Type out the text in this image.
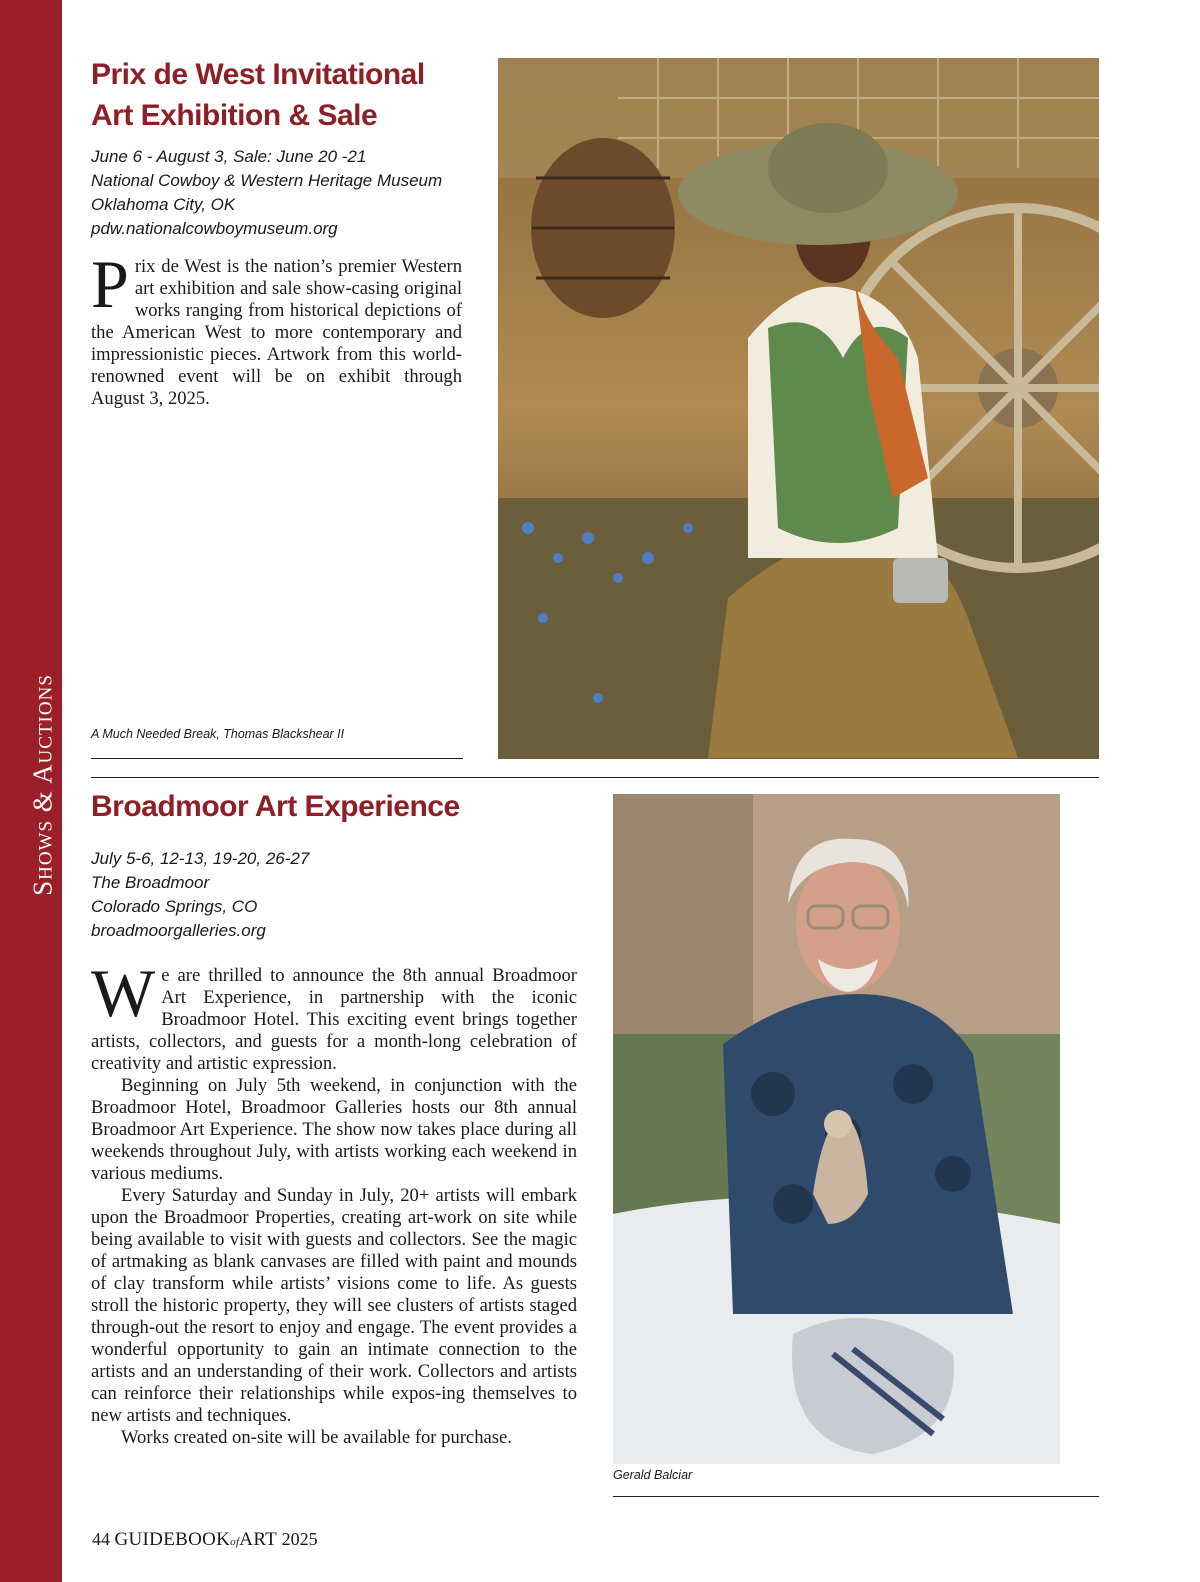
Shows & Auctions
Prix de West Invitational
Art Exhibition & Sale
June 6 - August 3, Sale: June 20 -21
National Cowboy & Western Heritage Museum
Oklahoma City, OK
pdw.nationalcowboymuseum.org

P rix de West is the nation’s premier Western art exhibition and sale show-casing original works ranging from historical depictions of the American West to more contemporary and impressionistic pieces. Artwork from this world-renowned event will be on exhibit through August 3, 2025.

A Much Needed Break, Thomas Blackshear II
Broadmoor Art Experience
July 5-6, 12-13, 19-20, 26-27
The Broadmoor
Colorado Springs, CO
broadmoorgalleries.org

W e are thrilled to announce the 8th annual Broadmoor Art Experience, in partnership with the iconic Broadmoor Hotel. This exciting event brings together artists, collectors, and guests for a month-long celebration of creativity and artistic expression.

Beginning on July 5th weekend, in conjunction with the Broadmoor Hotel, Broadmoor Galleries hosts our 8th annual Broadmoor Art Experience. The show now takes place during all weekends throughout July, with artists working each weekend in various mediums.

Every Saturday and Sunday in July, 20+ artists will embark upon the Broadmoor Properties, creating art-work on site while being available to visit with guests and collectors. See the magic of artmaking as blank canvases are filled with paint and mounds of clay transform while artists’ visions come to life. As guests stroll the historic property, they will see clusters of artists staged through-out the resort to enjoy and engage. The event provides a wonderful opportunity to gain an intimate connection to the artists and an understanding of their work. Collectors and artists can reinforce their relationships while expos-ing themselves to new artists and techniques.

Works created on-site will be available for purchase.

Gerald Balciar
44 GUIDEBOOKofART 2025
